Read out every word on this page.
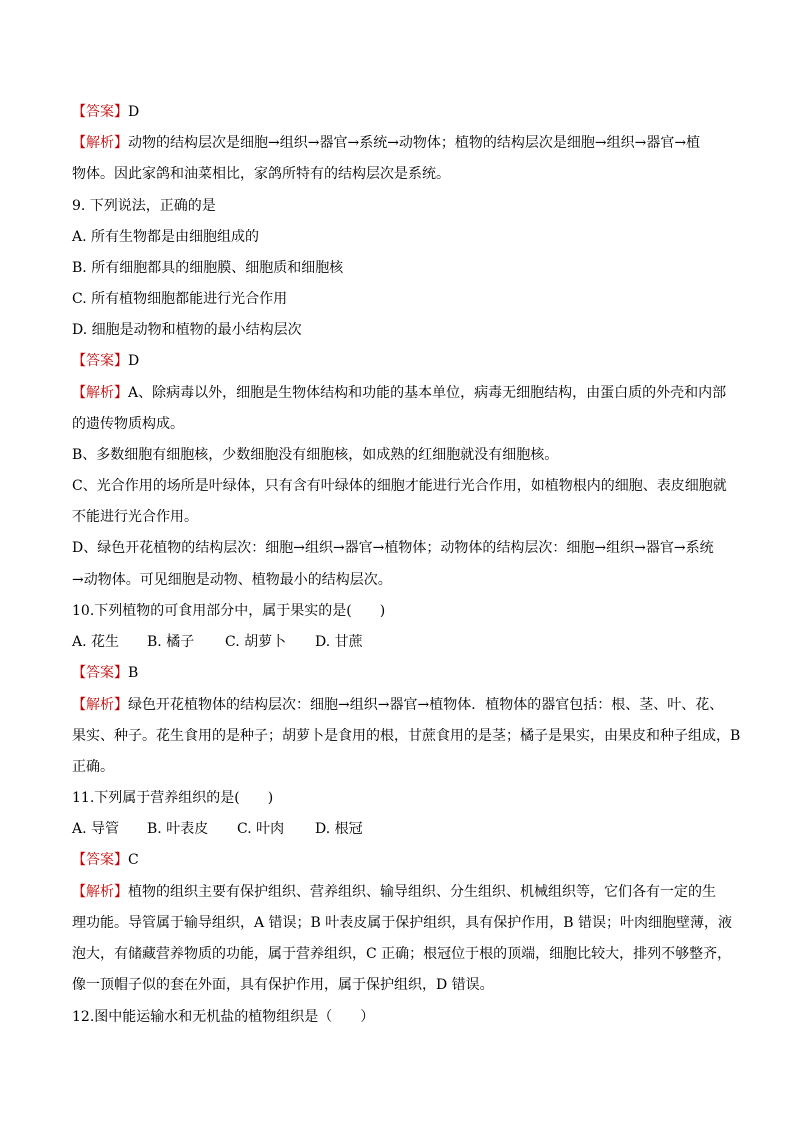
【答案】D
【解析】动物的结构层次是细胞→组织→器官→系统→动物体；植物的结构层次是细胞→组织→器官→植
物体。因此家鸽和油菜相比，家鸽所特有的结构层次是系统。
9. 下列说法，正确的是
A. 所有生物都是由细胞组成的
B. 所有细胞都具的细胞膜、细胞质和细胞核
C. 所有植物细胞都能进行光合作用
D. 细胞是动物和植物的最小结构层次
【答案】D
【解析】A、除病毒以外，细胞是生物体结构和功能的基本单位，病毒无细胞结构，由蛋白质的外壳和内部
的遗传物质构成。
B、多数细胞有细胞核，少数细胞没有细胞核，如成熟的红细胞就没有细胞核。
C、光合作用的场所是叶绿体，只有含有叶绿体的细胞才能进行光合作用，如植物根内的细胞、表皮细胞就
不能进行光合作用。
D、绿色开花植物的结构层次：细胞→组织→器官→植物体；动物体的结构层次：细胞→组织→器官→系统
→动物体。可见细胞是动物、植物最小的结构层次。
10.下列植物的可食用部分中，属于果实的是(　　)
A. 花生 B. 橘子 C. 胡萝卜 D. 甘蔗
【答案】B
【解析】绿色开花植物体的结构层次：细胞→组织→器官→植物体．植物体的器官包括：根、茎、叶、花、
果实、种子。花生食用的是种子；胡萝卜是食用的根，甘蔗食用的是茎；橘子是果实，由果皮和种子组成，B
正确。
11.下列属于营养组织的是(　　)
A. 导管 B. 叶表皮 C. 叶肉 D. 根冠
【答案】C
【解析】植物的组织主要有保护组织、营养组织、输导组织、分生组织、机械组织等，它们各有一定的生
理功能。导管属于输导组织，A 错误；B 叶表皮属于保护组织，具有保护作用，B 错误；叶肉细胞壁薄，液
泡大，有储藏营养物质的功能，属于营养组织，C 正确；根冠位于根的顶端，细胞比较大，排列不够整齐，
像一顶帽子似的套在外面，具有保护作用，属于保护组织，D 错误。
12.图中能运输水和无机盐的植物组织是（　　）
